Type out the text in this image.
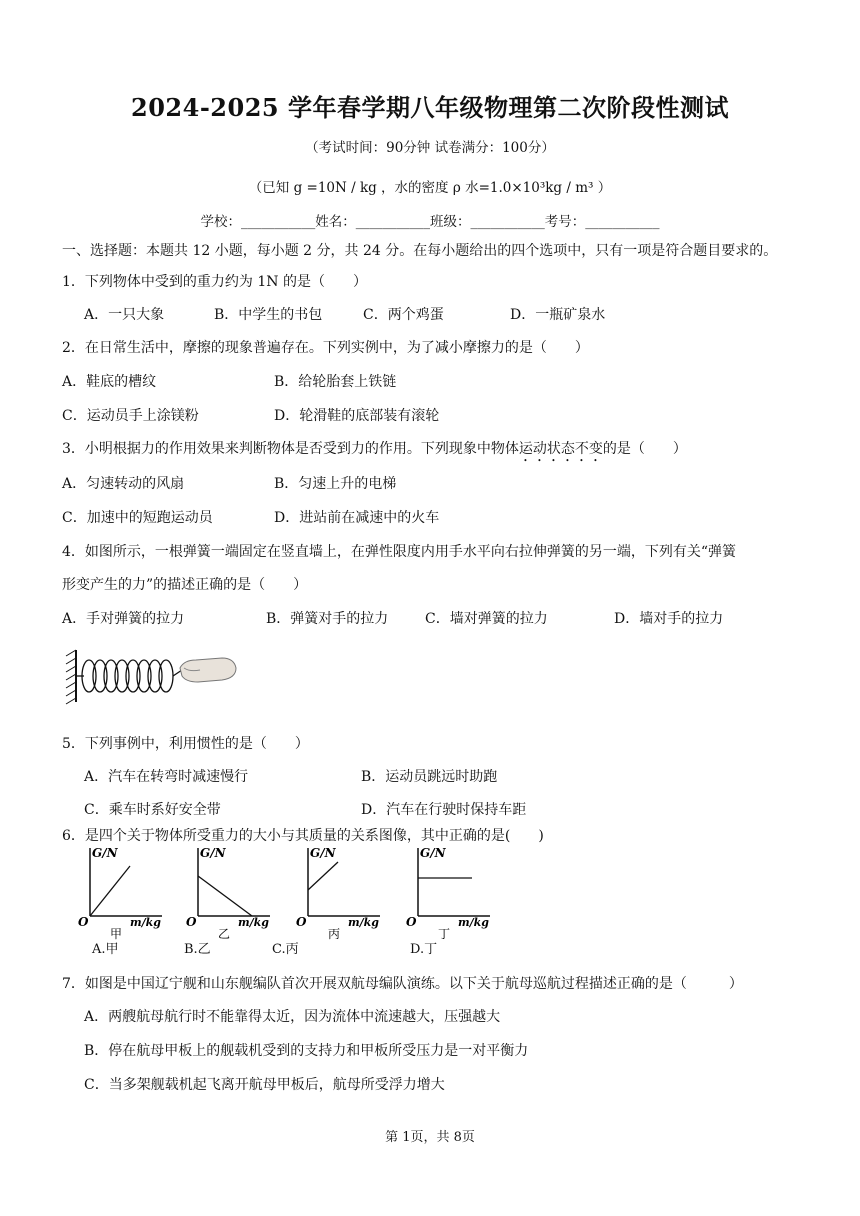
2024-2025 学年春学期八年级物理第二次阶段性测试
（考试时间：90分钟 试卷满分：100分）
（已知 g =10N / kg ，水的密度 ρ 水=1.0×10³kg / m³ ）
学校：___________姓名：___________班级：___________考号：___________
一、选择题：本题共 12 小题，每小题 2 分，共 24 分。在每小题给出的四个选项中，只有一项是符合题目要求的。
1．下列物体中受到的重力约为 1N 的是（　　）
A．一只大象	B．中学生的书包	C．两个鸡蛋	D．一瓶矿泉水
2．在日常生活中，摩擦的现象普遍存在。下列实例中，为了减小摩擦力的是（　　）
A．鞋底的槽纹	B．给轮胎套上铁链
C．运动员手上涂镁粉	D．轮滑鞋的底部装有滚轮
3．小明根据力的作用效果来判断物体是否受到力的作用。下列现象中物体运动状态不变的是（　　）
A．匀速转动的风扇	B．匀速上升的电梯
C．加速中的短跑运动员	D．进站前在减速中的火车
4．如图所示，一根弹簧一端固定在竖直墙上，在弹性限度内用手水平向右拉伸弹簧的另一端，下列有关“弹簧
形变产生的力”的描述正确的是（　　）
A．手对弹簧的拉力	B．弹簧对手的拉力	C．墙对弹簧的拉力	D．墙对手的拉力
5．下列事例中，利用惯性的是（　　）
A．汽车在转弯时减速慢行	B．运动员跳远时助跑
C．乘车时系好安全带	D．汽车在行驶时保持车距
6．是四个关于物体所受重力的大小与其质量的关系图像，其中正确的是(　　)
G/N
O	m/kg
甲
G/N
O	m/kg
乙
G/N
O	m/kg
丙
G/N
O	m/kg
丁
A.甲	B.乙	C.丙	D.丁
7．如图是中国辽宁舰和山东舰编队首次开展双航母编队演练。以下关于航母巡航过程描述正确的是（　　　）
A．两艘航母航行时不能靠得太近，因为流体中流速越大，压强越大
B．停在航母甲板上的舰载机受到的支持力和甲板所受压力是一对平衡力
C．当多架舰载机起飞离开航母甲板后，航母所受浮力增大
第 1页，共 8页
